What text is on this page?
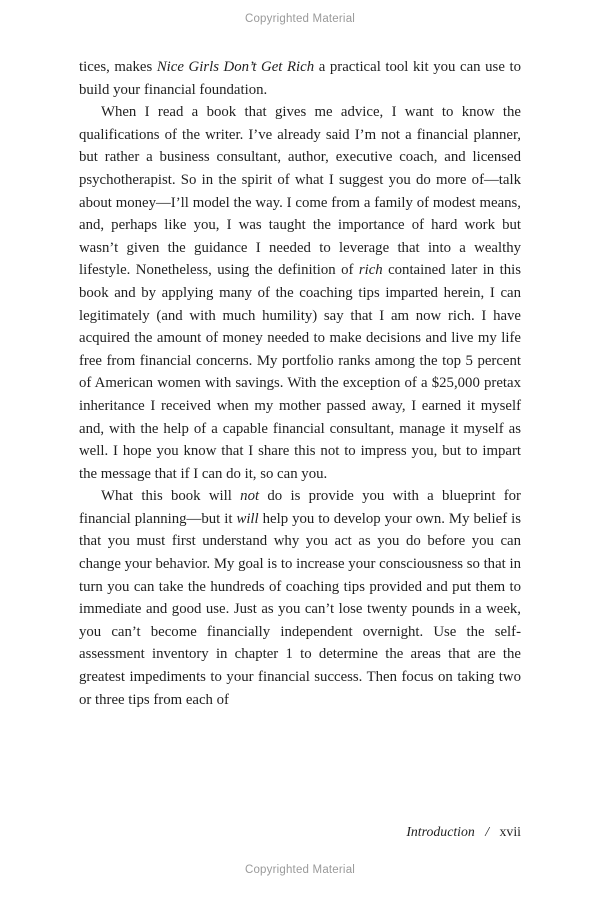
Copyrighted Material

tices, makes Nice Girls Don’t Get Rich a practical tool kit you can use to build your financial foundation.

When I read a book that gives me advice, I want to know the qualifications of the writer. I’ve already said I’m not a financial planner, but rather a business consultant, author, executive coach, and licensed psychotherapist. So in the spirit of what I suggest you do more of—talk about money—I’ll model the way. I come from a family of modest means, and, perhaps like you, I was taught the importance of hard work but wasn’t given the guidance I needed to leverage that into a wealthy lifestyle. Nonetheless, using the definition of rich contained later in this book and by applying many of the coaching tips imparted herein, I can legitimately (and with much humility) say that I am now rich. I have acquired the amount of money needed to make decisions and live my life free from financial concerns. My portfolio ranks among the top 5 percent of American women with savings. With the exception of a $25,000 pretax inheritance I received when my mother passed away, I earned it myself and, with the help of a capable financial consultant, manage it myself as well. I hope you know that I share this not to impress you, but to impart the message that if I can do it, so can you.

What this book will not do is provide you with a blueprint for financial planning—but it will help you to develop your own. My belief is that you must first understand why you act as you do before you can change your behavior. My goal is to increase your consciousness so that in turn you can take the hundreds of coaching tips provided and put them to immediate and good use. Just as you can’t lose twenty pounds in a week, you can’t become financially independent overnight. Use the self-assessment inventory in chapter 1 to determine the areas that are the greatest impediments to your financial success. Then focus on taking two or three tips from each of

Introduction / xvii
Copyrighted Material
